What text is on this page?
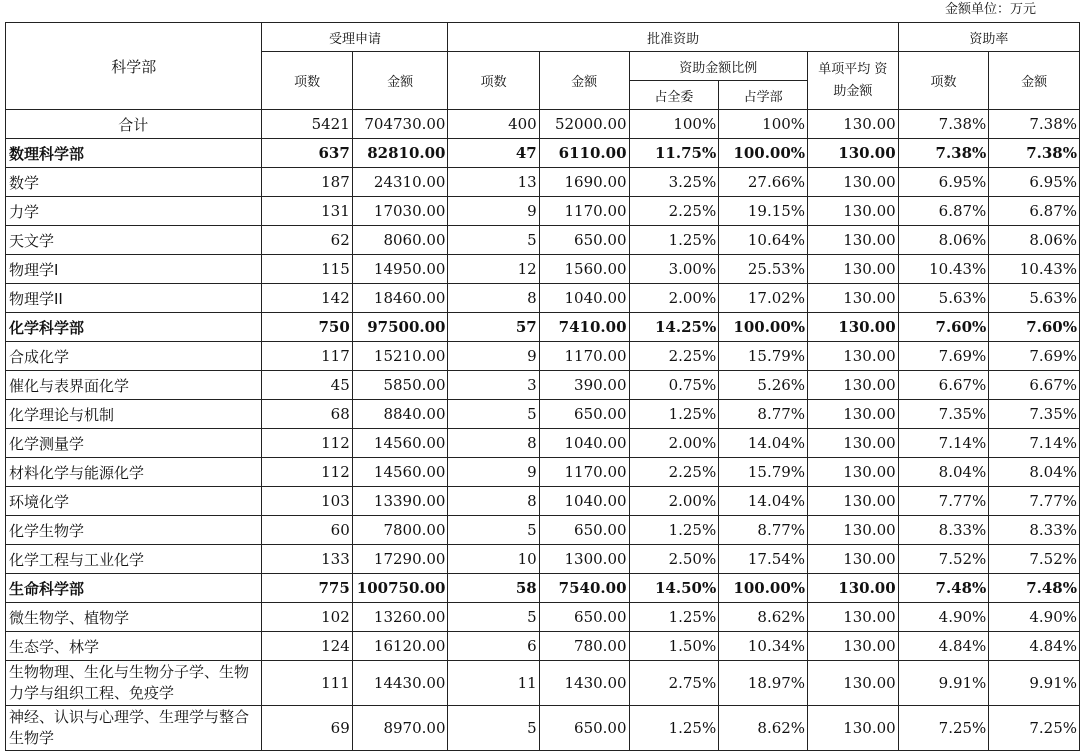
金额单位：万元
科学部	受理申请		批准资助					资助率	
	项数	金额	项数	金额	资助金额比例		单项平均 资助金额	项数	金额
					占全委	占学部			
合计	5421	704730.00	400	52000.00	100%	100%	130.00	7.38%	7.38%
数理科学部	637	82810.00	47	6110.00	11.75%	100.00%	130.00	7.38%	7.38%
数学	187	24310.00	13	1690.00	3.25%	27.66%	130.00	6.95%	6.95%
力学	131	17030.00	9	1170.00	2.25%	19.15%	130.00	6.87%	6.87%
天文学	62	8060.00	5	650.00	1.25%	10.64%	130.00	8.06%	8.06%
物理学I	115	14950.00	12	1560.00	3.00%	25.53%	130.00	10.43%	10.43%
物理学II	142	18460.00	8	1040.00	2.00%	17.02%	130.00	5.63%	5.63%
化学科学部	750	97500.00	57	7410.00	14.25%	100.00%	130.00	7.60%	7.60%
合成化学	117	15210.00	9	1170.00	2.25%	15.79%	130.00	7.69%	7.69%
催化与表界面化学	45	5850.00	3	390.00	0.75%	5.26%	130.00	6.67%	6.67%
化学理论与机制	68	8840.00	5	650.00	1.25%	8.77%	130.00	7.35%	7.35%
化学测量学	112	14560.00	8	1040.00	2.00%	14.04%	130.00	7.14%	7.14%
材料化学与能源化学	112	14560.00	9	1170.00	2.25%	15.79%	130.00	8.04%	8.04%
环境化学	103	13390.00	8	1040.00	2.00%	14.04%	130.00	7.77%	7.77%
化学生物学	60	7800.00	5	650.00	1.25%	8.77%	130.00	8.33%	8.33%
化学工程与工业化学	133	17290.00	10	1300.00	2.50%	17.54%	130.00	7.52%	7.52%
生命科学部	775	100750.00	58	7540.00	14.50%	100.00%	130.00	7.48%	7.48%
微生物学、植物学	102	13260.00	5	650.00	1.25%	8.62%	130.00	4.90%	4.90%
生态学、林学	124	16120.00	6	780.00	1.50%	10.34%	130.00	4.84%	4.84%
生物物理、生化与生物分子学、生物力学与组织工程、免疫学	111	14430.00	11	1430.00	2.75%	18.97%	130.00	9.91%	9.91%
神经、认识与心理学、生理学与整合生物学	69	8970.00	5	650.00	1.25%	8.62%	130.00	7.25%	7.25%
